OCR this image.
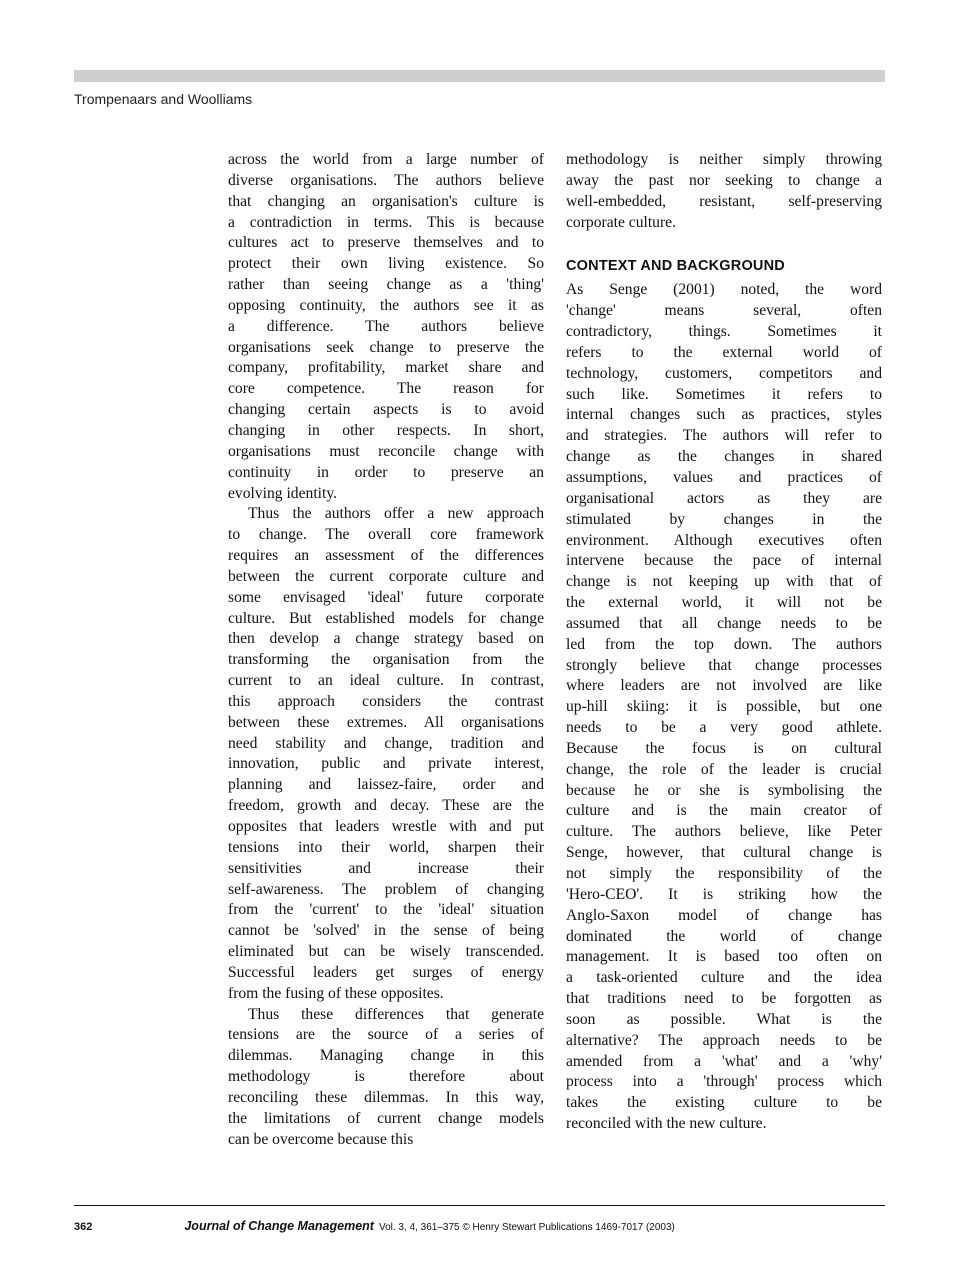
Trompenaars and Woolliams

across the world from a large number of
diverse organisations. The authors believe
that changing an organisation's culture is
a contradiction in terms. This is because
cultures act to preserve themselves and to
protect their own living existence. So
rather than seeing change as a 'thing'
opposing continuity, the authors see it as
a difference. The authors believe
organisations seek change to preserve the
company, profitability, market share and
core competence. The reason for
changing certain aspects is to avoid
changing in other respects. In short,
organisations must reconcile change with
continuity in order to preserve an
evolving identity.

Thus the authors offer a new approach
to change. The overall core framework
requires an assessment of the differences
between the current corporate culture and
some envisaged 'ideal' future corporate
culture. But established models for change
then develop a change strategy based on
transforming the organisation from the
current to an ideal culture. In contrast,
this approach considers the contrast
between these extremes. All organisations
need stability and change, tradition and
innovation, public and private interest,
planning and laissez-faire, order and
freedom, growth and decay. These are the
opposites that leaders wrestle with and put
tensions into their world, sharpen their
sensitivities and increase their
self-awareness. The problem of changing
from the 'current' to the 'ideal' situation
cannot be 'solved' in the sense of being
eliminated but can be wisely transcended.
Successful leaders get surges of energy
from the fusing of these opposites.

Thus these differences that generate
tensions are the source of a series of
dilemmas. Managing change in this
methodology is therefore about
reconciling these dilemmas. In this way,
the limitations of current change models
can be overcome because this

methodology is neither simply throwing
away the past nor seeking to change a
well-embedded, resistant, self-preserving
corporate culture.

CONTEXT AND BACKGROUND

As Senge (2001) noted, the word
'change' means several, often
contradictory, things. Sometimes it
refers to the external world of
technology, customers, competitors and
such like. Sometimes it refers to
internal changes such as practices, styles
and strategies. The authors will refer to
change as the changes in shared
assumptions, values and practices of
organisational actors as they are
stimulated by changes in the
environment. Although executives often
intervene because the pace of internal
change is not keeping up with that of
the external world, it will not be
assumed that all change needs to be
led from the top down. The authors
strongly believe that change processes
where leaders are not involved are like
up-hill skiing: it is possible, but one
needs to be a very good athlete.
Because the focus is on cultural
change, the role of the leader is crucial
because he or she is symbolising the
culture and is the main creator of
culture. The authors believe, like Peter
Senge, however, that cultural change is
not simply the responsibility of the
'Hero-CEO'. It is striking how the
Anglo-Saxon model of change has
dominated the world of change
management. It is based too often on
a task-oriented culture and the idea
that traditions need to be forgotten as
soon as possible. What is the
alternative? The approach needs to be
amended from a 'what' and a 'why'
process into a 'through' process which
takes the existing culture to be
reconciled with the new culture.

362	Journal of Change Management Vol. 3, 4, 361–375 © Henry Stewart Publications 1469-7017 (2003)
